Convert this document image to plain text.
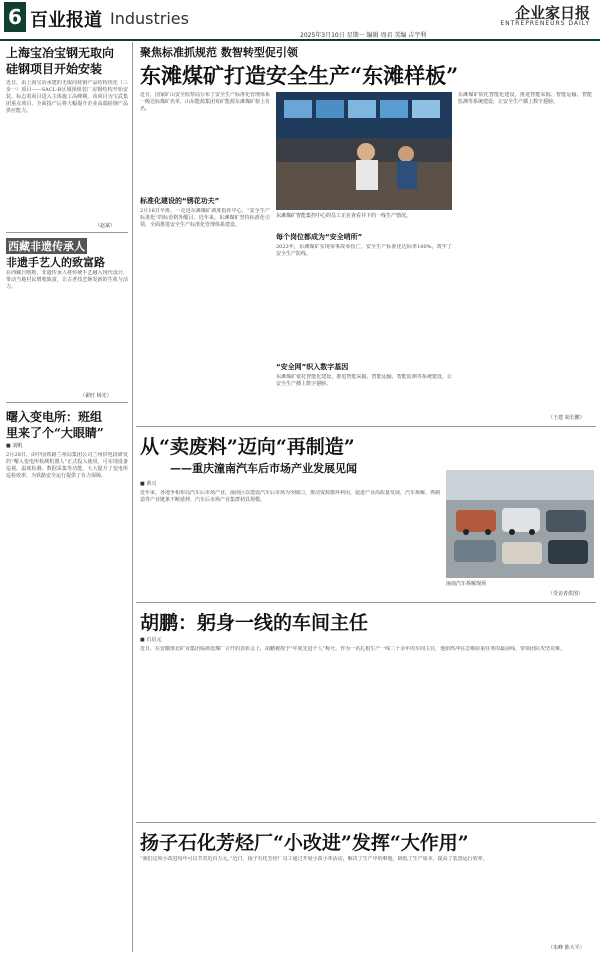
6 百业报道 Industries	企业家日报
ENTREPRENEURS DAILY
2025年3月10日 星期一 编辑 周君 美编 吉宇利
上海宝冶宝钢无取向
硅钢项目开始安装
近日，由上海宝冶承建的无取向硅钢产品结构优化（三步一）项目——SACL-B区域预组装厂房钢结构开始安装。标志着项目进入主体施工高峰期。该项目为宝武集团重点项目，全面投产后将大幅提升企业高端硅钢产品供应能力。
（赵斌）
西藏非遗传承人
非遗手艺人的致富路
在西藏日喀则，非遗传承人将传统手艺融入现代设计，带动当地村民增收致富，让古老技艺焕发新的生机与活力。
（翟旺 杨光）
曙入变电所：班组
里来了个“大眼睛”
■ 刘帆
2月28日，由中国铁路兰州局集团公司兰州供电段研发的“曙入变电所检测机器人”正式投入使用，可实现设备巡视、温度检测、数据采集等功能，大大提升了变电所巡检效率，为铁路安全运行提供了有力保障。
聚焦标准抓规范 数智转型促引领
东滩煤矿打造安全生产“东滩样板”
近日，国家矿山安全监察局公布了安全生产标准化管理体系一级达标煤矿名单，山东能源集团兖矿能源东滩煤矿榜上有名。
标准化建设的“锈花功夫”
2月16日早班，一走进东滩煤矿调度指挥中心，“安全生产标准化”的标语格外醒目。近年来，东滩煤矿坚持标准化引领，全面推进安全生产标准化管理体系建设。
东滩煤矿智能集控中心的员工正在查看井下的一线生产情况。
每个岗位都成为“安全哨所”
2023年，东滩煤矿实现零事故零伤亡，安全生产标准化达标率100%，筑牢了安全生产防线。
“安全网”织入数字基因
东滩煤矿依托智能化建设，推进智能采掘、智能运输、智能监测等系统建设，让安全生产插上数字翅膀。
东滩煤矿依托智能化建设，推进智能采掘、智能运输、智能监测等系统建设，让安全生产插上数字翅膀。
（王建 胡长鹏）
从“卖废料”迈向“再制造”
——重庆潼南汽车后市场产业发展见闻
■ 黄兴
近年来，各地争相布局汽车后市场产业，潼南区以建设汽车后市场为突破口，推动资源循环利用，促进产业高质量发展，汽车拆解、再制造等产业链条不断延伸，汽车后市场产业集群初具规模。
潼南汽车拆解现场
（受访者供图）
胡鹏：躬身一线的车间主任
■ 石启元
近日，在安徽淮北矿业集团临涣选煤厂召开的表彰会上，胡鹏被授予“年度先进个人”称号。作为一名扎根生产一线二十余年的车间主任，他始终冲在急难险重任务的最前线，带领团队攻坚克难。
扬子石化芳烃厂“小改进”发挥“大作用”
“我们这项小改进每年可以节省近百万元。”近日，扬子石化芳烃厂员工通过开展小改小革活动，解决了生产中的难题，降低了生产成本，提高了装置运行效率。
（朱峰 陈大平）
